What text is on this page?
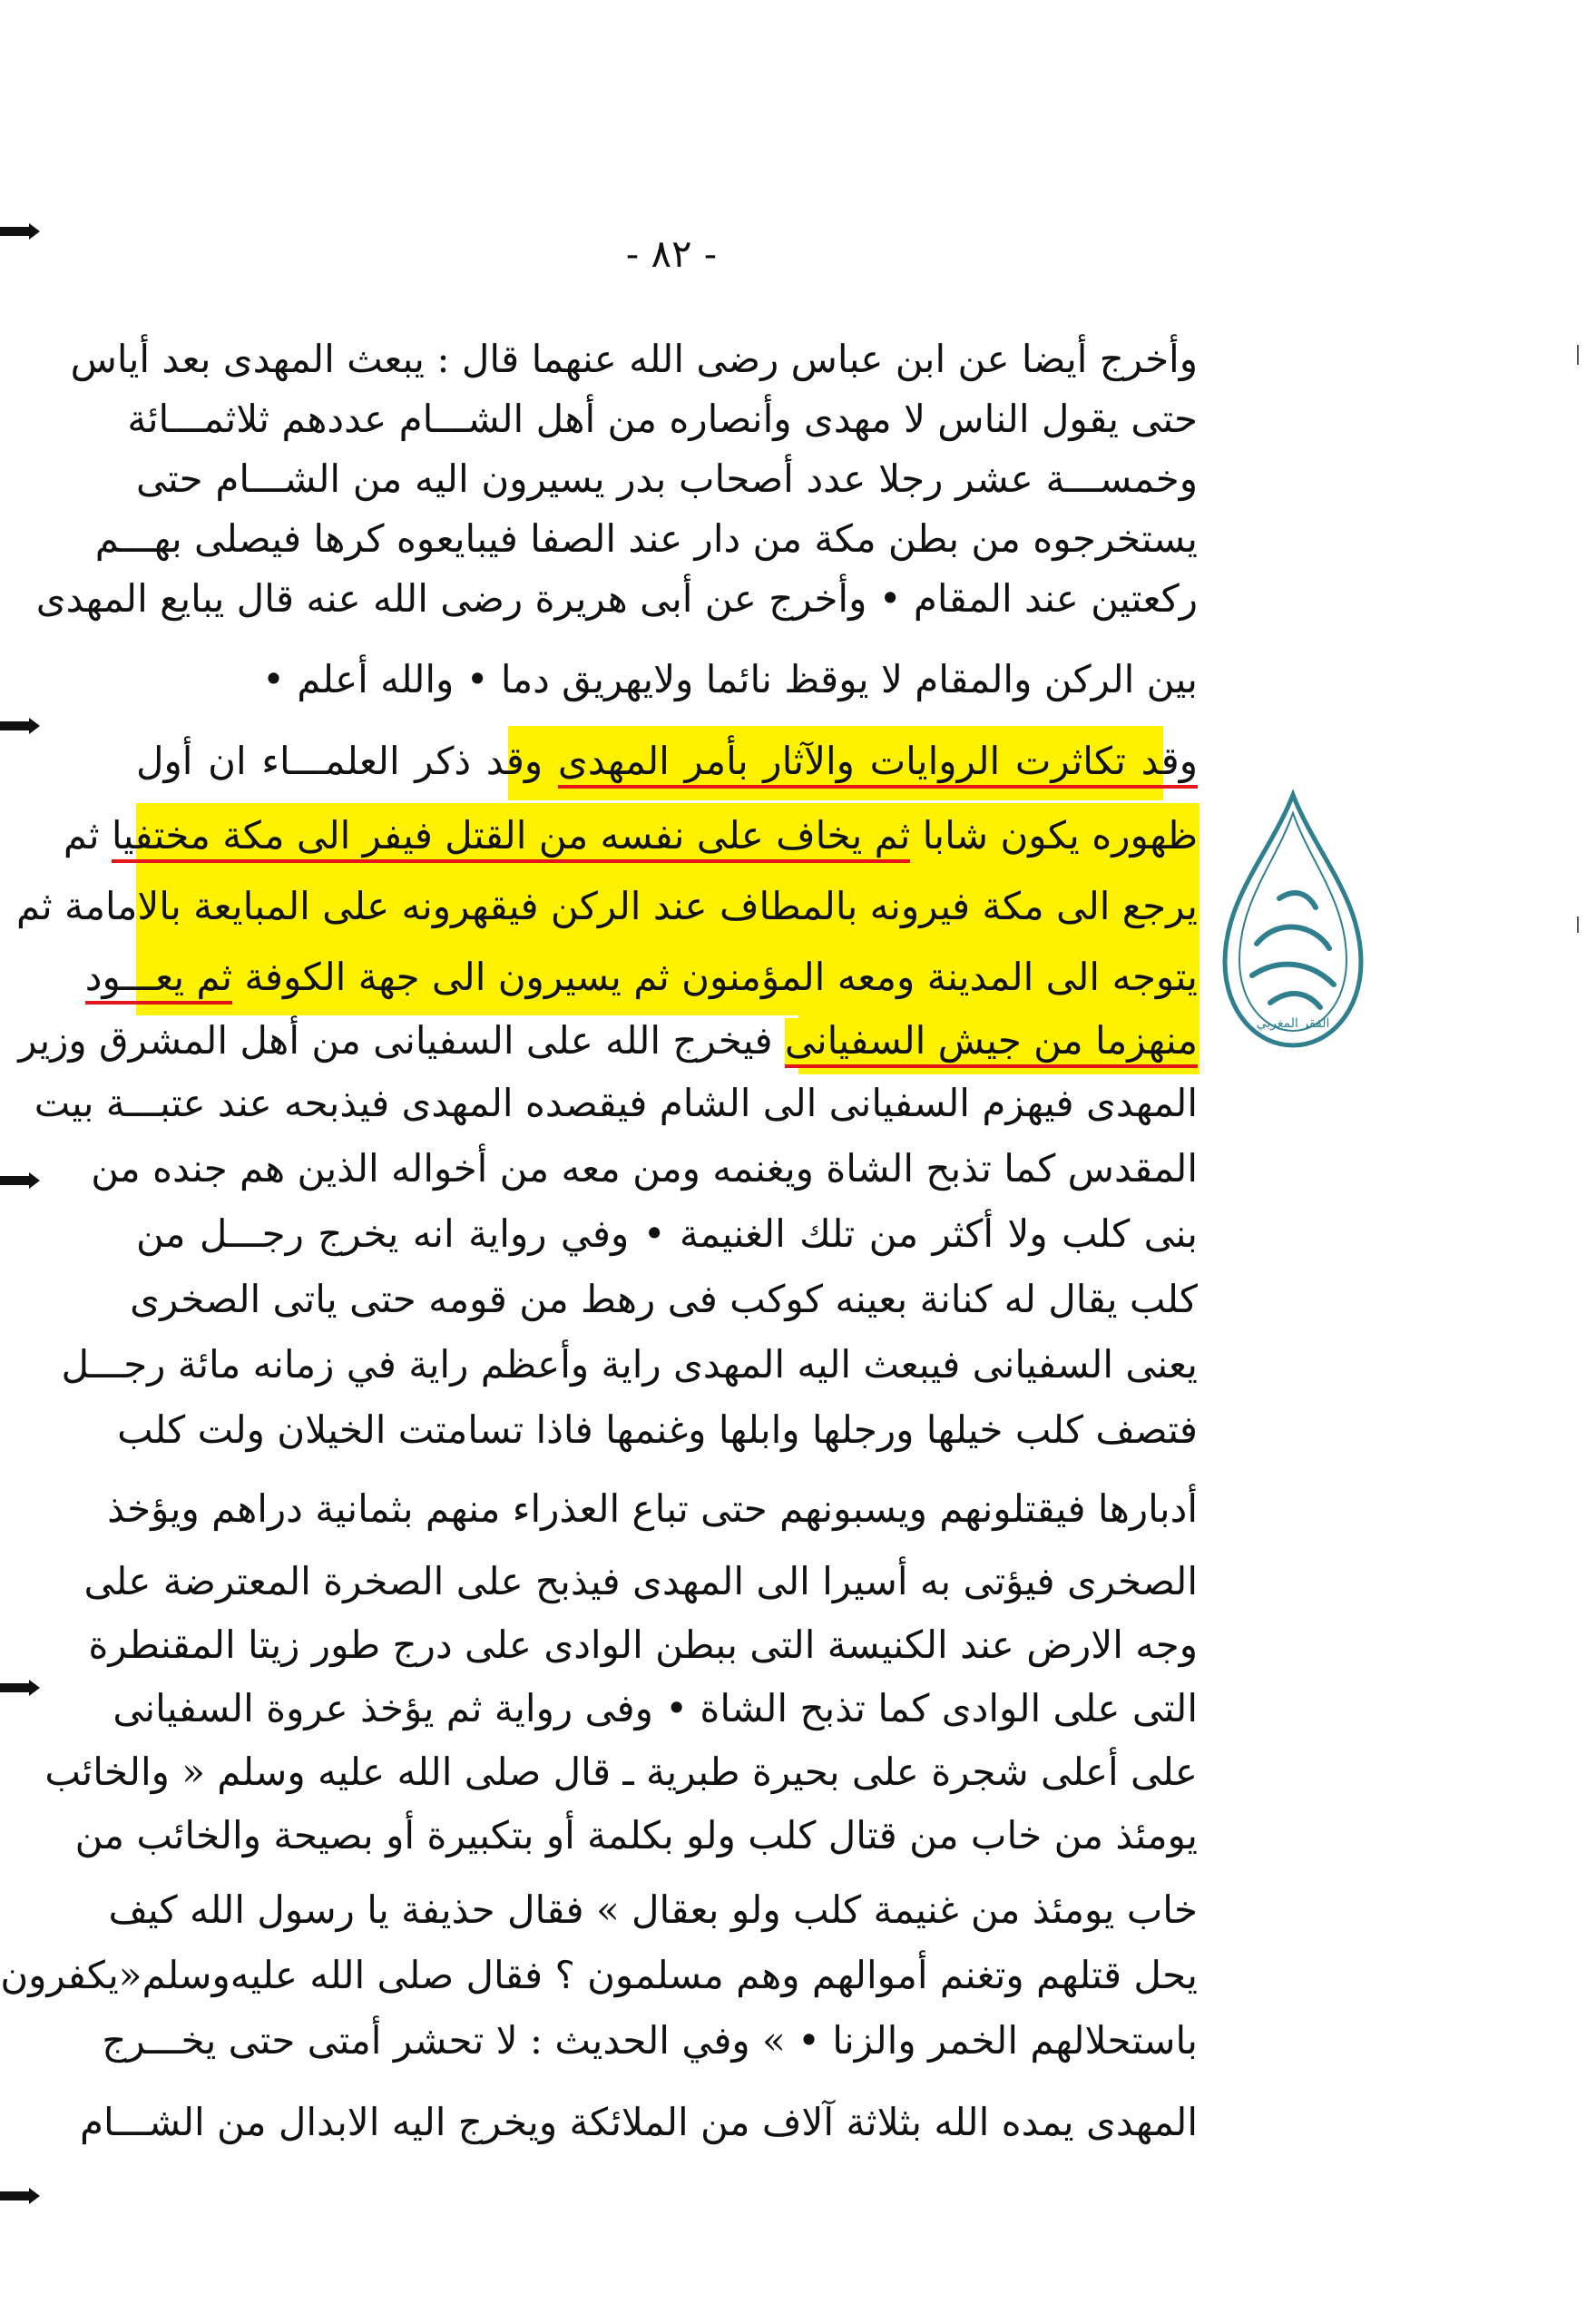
- ٨٢ -
وأخرج أيضا عن ابن عباس رضى الله عنهما قال : يبعث المهدى بعد أياس
حتى يقول الناس لا مهدى وأنصاره من أهل الشـــام عددهم ثلاثمـــائة
وخمســـة عشر رجلا عدد أصحاب بدر يسيرون اليه من الشـــام حتى
يستخرجوه من بطن مكة من دار عند الصفا فيبايعوه كرها فيصلى بهـــم
ركعتين عند المقام • وأخرج عن أبى هريرة رضى الله عنه قال يبايع المهدى
بين الركن والمقام لا يوقظ نائما ولايهريق دما • والله أعلم •
وقد تكاثرت الروايات والآثار بأمر المهدى وقد ذكر العلمـــاء ان أول
ظهوره يكون شابا ثم يخاف على نفسه من القتل فيفر الى مكة مختفيا ثم
يرجع الى مكة فيرونه بالمطاف عند الركن فيقهرونه على المبايعة بالامامة ثم
يتوجه الى المدينة ومعه المؤمنون ثم يسيرون الى جهة الكوفة ثم يعـــود
منهزما من جيش السفيانى فيخرج الله على السفيانى من أهل المشرق وزير
المهدى فيهزم السفيانى الى الشام فيقصده المهدى فيذبحه عند عتبـــة بيت
المقدس كما تذبح الشاة ويغنمه ومن معه من أخواله الذين هم جنده من
بنى كلب ولا أكثر من تلك الغنيمة • وفي رواية انه يخرج رجـــل من
كلب يقال له كنانة بعينه كوكب فى رهط من قومه حتى ياتى الصخرى
يعنى السفيانى فيبعث اليه المهدى راية وأعظم راية في زمانه مائة رجـــل
فتصف كلب خيلها ورجلها وابلها وغنمها فاذا تسامتت الخيلان ولت كلب
أدبارها فيقتلونهم ويسبونهم حتى تباع العذراء منهم بثمانية دراهم ويؤخذ
الصخرى فيؤتى به أسيرا الى المهدى فيذبح على الصخرة المعترضة على
وجه الارض عند الكنيسة التى ببطن الوادى على درج طور زيتا المقنطرة
التى على الوادى كما تذبح الشاة • وفى رواية ثم يؤخذ عروة السفيانى
على أعلى شجرة على بحيرة طبرية ـ قال صلى الله عليه وسلم « والخائب
يومئذ من خاب من قتال كلب ولو بكلمة أو بتكبيرة أو بصيحة والخائب من
خاب يومئذ من غنيمة كلب ولو بعقال » فقال حذيفة يا رسول الله كيف
يحل قتلهم وتغنم أموالهم وهم مسلمون ؟ فقال صلى الله عليه‌وسلم«يكفرون
باستحلالهم الخمر والزنا • » وفي الحديث : لا تحشر أمتى حتى يخـــرج
المهدى يمده الله بثلاثة آلاف من الملائكة ويخرج اليه الابدال من الشـــام
الفقر المغربي
